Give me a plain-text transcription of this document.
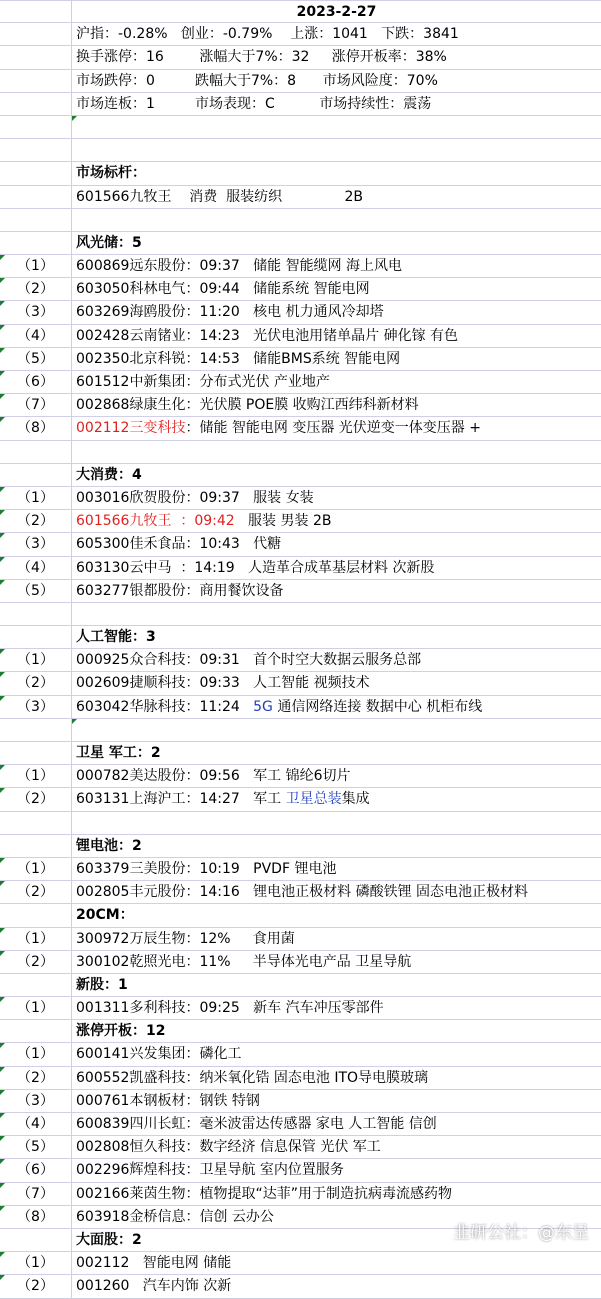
2023-2-27
沪指：-0.28%   创业：-0.79%    上涨：1041   下跌：3841
换手涨停：16        涨幅大于7%：32     涨停开板率：38%
市场跌停：0         跌幅大于7%：8      市场风险度：70%
市场连板：1         市场表现：C          市场持续性：震荡
市场标杆：
601566九牧王    消费  服装纺织              2B
风光储：5
（1）	600869远东股份：09:37   储能 智能缆网 海上风电
（2）	603050科林电气：09:44   储能系统 智能电网
（3）	603269海鸥股份：11:20   核电 机力通风冷却塔
（4）	002428云南锗业：14:23   光伏电池用锗单晶片 砷化镓 有色
（5）	002350北京科锐：14:53   储能BMS系统 智能电网
（6）	601512中新集团：分布式光伏 产业地产
（7）	002868绿康生化：光伏膜 POE膜 收购江西纬科新材料
（8）	002112三变科技：储能 智能电网 变压器 光伏逆变一体变压器 +
大消费：4
（1）	003016欣贺股份：09:37   服装 女装
（2）	601566九牧王  ：09:42   服装 男装 2B
（3）	605300佳禾食品：10:43   代糖
（4）	603130云中马  ：14:19   人造革合成革基层材料 次新股
（5）	603277银都股份：商用餐饮设备
人工智能：3
（1）	000925众合科技：09:31   首个时空大数据云服务总部
（2）	002609捷顺科技：09:33   人工智能 视频技术
（3）	603042华脉科技：11:24   5G 通信网络连接 数据中心 机柜布线
卫星 军工：2
（1）	000782美达股份：09:56   军工 锦纶6切片
（2）	603131上海沪工：14:27   军工 卫星总装集成
锂电池：2
（1）	603379三美股份：10:19   PVDF 锂电池
（2）	002805丰元股份：14:16   锂电池正极材料 磷酸铁锂 固态电池正极材料
20CM：
（1）	300972万辰生物：12%     食用菌
（2）	300102乾照光电：11%     半导体光电产品 卫星导航
新股：1
（1）	001311多利科技：09:25   新车 汽车冲压零部件
涨停开板：12
（1）	600141兴发集团：磷化工
（2）	600552凯盛科技：纳米氧化锆 固态电池 ITO导电膜玻璃
（3）	000761本钢板材：钢铁 特钢
（4）	600839四川长虹：毫米波雷达传感器 家电 人工智能 信创
（5）	002808恒久科技：数字经济 信息保管 光伏 军工
（6）	002296辉煌科技：卫星导航 室内位置服务
（7）	002166莱茵生物：植物提取“达菲”用于制造抗病毒流感药物
（8）	603918金桥信息：信创 云办公
大面股：2
（1）	002112   智能电网 储能
（2）	001260   汽车内饰 次新
韭研公社：@东呈
